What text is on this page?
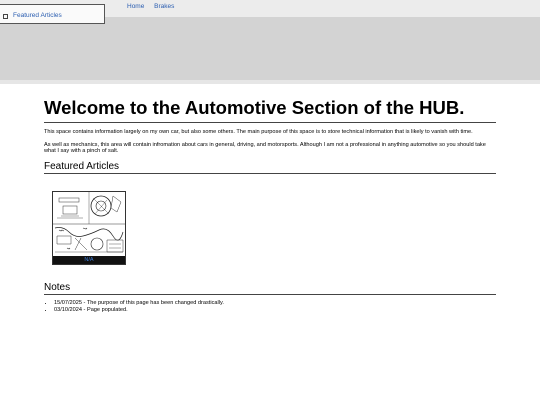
Featured Articles
Home Brakes
Welcome to the Automotive Section of the HUB.

This space contains information largely on my own car, but also some others. The main purpose of this space is to store technical information that is likely to vanish with time.

As well as mechanics, this area will contain infromation about cars in general, driving, and motorsports. Although I am not a professional in anything automotive so you should take what I say with a pinch of salt.

Featured Articles
N/A
Notes
• 15/07/2025 - The purpose of this page has been changed drastically.
• 03/10/2024 - Page populated.
